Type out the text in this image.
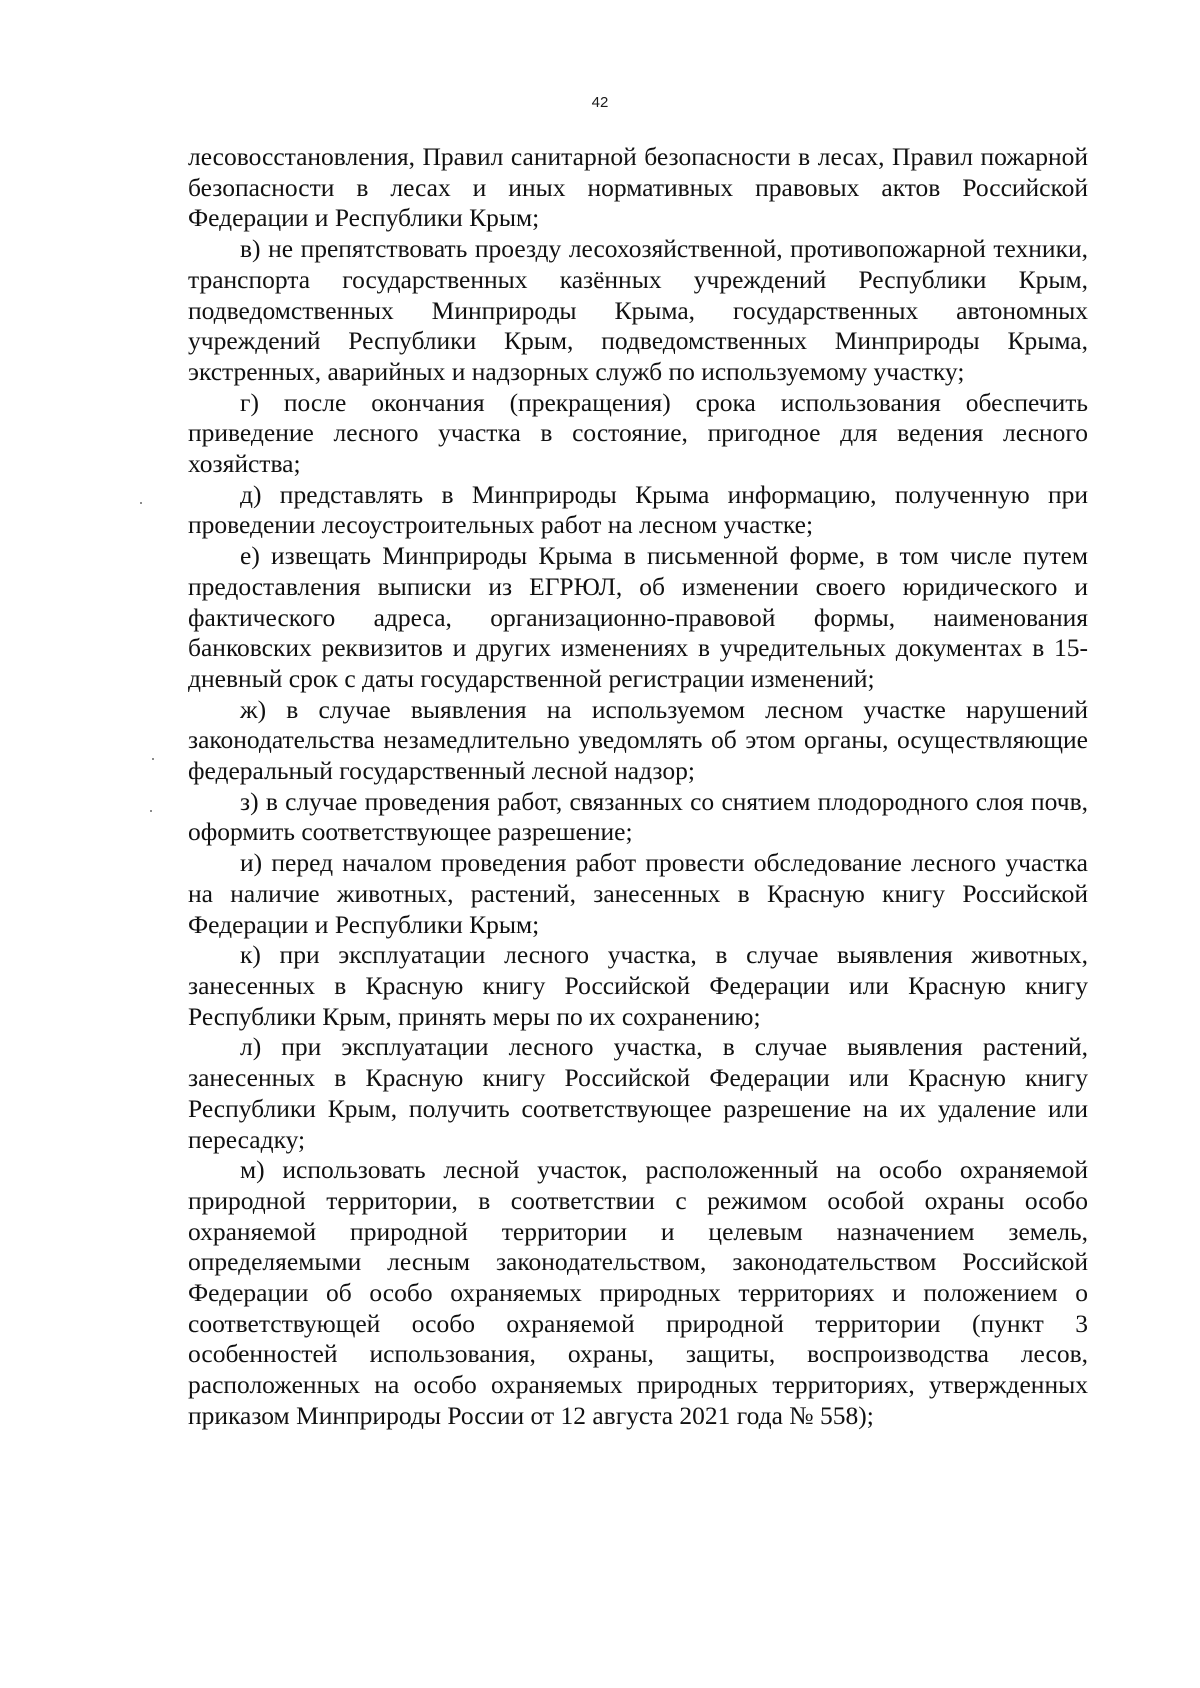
42

лесовосстановления, Правил санитарной безопасности в лесах, Правил пожарной безопасности в лесах и иных нормативных правовых актов Российской Федерации и Республики Крым;

в) не препятствовать проезду лесохозяйственной, противопожарной техники, транспорта государственных казённых учреждений Республики Крым, подведомственных Минприроды Крыма, государственных автономных учреждений Республики Крым, подведомственных Минприроды Крыма, экстренных, аварийных и надзорных служб по используемому участку;

г) после окончания (прекращения) срока использования обеспечить приведение лесного участка в состояние, пригодное для ведения лесного хозяйства;

д) представлять в Минприроды Крыма информацию, полученную при проведении лесоустроительных работ на лесном участке;

е) извещать Минприроды Крыма в письменной форме, в том числе путем предоставления выписки из ЕГРЮЛ, об изменении своего юридического и фактического адреса, организационно-правовой формы, наименования банковских реквизитов и других изменениях в учредительных документах в 15-дневный срок с даты государственной регистрации изменений;

ж) в случае выявления на используемом лесном участке нарушений законодательства незамедлительно уведомлять об этом органы, осуществляющие федеральный государственный лесной надзор;

з) в случае проведения работ, связанных со снятием плодородного слоя почв, оформить соответствующее разрешение;

и) перед началом проведения работ провести обследование лесного участка на наличие животных, растений, занесенных в Красную книгу Российской Федерации и Республики Крым;

к) при эксплуатации лесного участка, в случае выявления животных, занесенных в Красную книгу Российской Федерации или Красную книгу Республики Крым, принять меры по их сохранению;

л) при эксплуатации лесного участка, в случае выявления растений, занесенных в Красную книгу Российской Федерации или Красную книгу Республики Крым, получить соответствующее разрешение на их удаление или пересадку;

м) использовать лесной участок, расположенный на особо охраняемой природной территории, в соответствии с режимом особой охраны особо охраняемой природной территории и целевым назначением земель, определяемыми лесным законодательством, законодательством Российской Федерации об особо охраняемых природных территориях и положением о соответствующей особо охраняемой природной территории (пункт 3 особенностей использования, охраны, защиты, воспроизводства лесов, расположенных на особо охраняемых природных территориях, утвержденных приказом Минприроды России от 12 августа 2021 года № 558);
